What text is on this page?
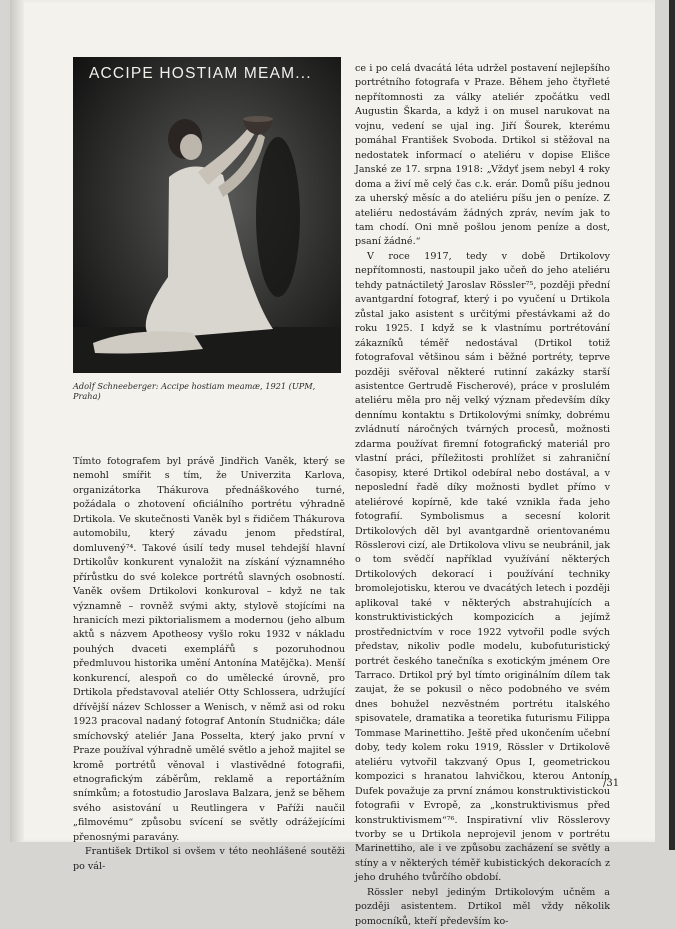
ACCIPE HOSTIAM MEAM...
Adolf Schneeberger: Accipe hostiam meamæ, 1921 (UPM, Praha)

Tímto fotografem byl právě Jindřich Vaněk, který se nemohl smířit s tím, že Univerzita Karlova, organizátorka Thákurova přednáškového turné, požádala o zhotovení oficiálního portrétu výhradně Drtikola. Ve skutečnosti Vaněk byl s řidičem Thákurova automobilu, který závadu jenom předstíral, domluvený⁷⁴. Takové úsilí tedy musel tehdejší hlavní Drtikolův konkurent vynaložit na získání významného přírůstku do své kolekce portrétů slavných osobností. Vaněk ovšem Drtikolovi konkuroval – když ne tak významně – rovněž svými akty, stylově stojícími na hranicích mezi piktorialismem a modernou (jeho album aktů s názvem Apotheosy vyšlo roku 1932 v nákladu pouhých dvaceti exemplářů s pozoruhodnou předmluvou historika umění Antonína Matějčka). Menší konkurencí, alespoň co do umělecké úrovně, pro Drtikola představoval ateliér Otty Schlossera, udržující dřívější název Schlosser a Wenisch, v němž asi od roku 1923 pracoval nadaný fotograf Antonín Studnička; dále smíchovský ateliér Jana Posselta, který jako první v Praze používal výhradně umělé světlo a jehož majitel se kromě portrétů věnoval i vlastivědné fotografii, etnografickým záběrům, reklamě a reportážním snímkům; a fotostudio Jaroslava Balzara, jenž se během svého asistování u Reutlingera v Paříži naučil „filmovému“ způsobu svícení se světly odrážejícími přenosnými paravány.

František Drtikol si ovšem v této neohlášené soutěži po vál-

ce i po celá dvacátá léta udržel postavení nejlepšího portrétního fotografa v Praze. Během jeho čtyřleté nepřítomnosti za války ateliér zpočátku vedl Augustin Škarda, a když i on musel narukovat na vojnu, vedení se ujal ing. Jiří Šourek, kterému pomáhal František Svoboda. Drtikol si stěžoval na nedostatek informací o ateliéru v dopise Elišce Janské ze 17. srpna 1918: „Vždyť jsem nebyl 4 roky doma a živí mě celý čas c.k. erár. Domů píšu jednou za uherský měsíc a do ateliéru píšu jen o peníze. Z ateliéru nedostávám žádných zpráv, nevím jak to tam chodí. Oni mně pošlou jenom peníze a dost, psaní žádné.“

V roce 1917, tedy v době Drtikolovy nepřítomnosti, nastoupil jako učeň do jeho ateliéru tehdy patnáctiletý Jaroslav Rössler⁷⁵, později přední avantgardní fotograf, který i po vyučení u Drtikola zůstal jako asistent s určitými přestávkami až do roku 1925. I když se k vlastnímu portrétování zákazníků téměř nedostával (Drtikol totiž fotografoval většinou sám i běžné portréty, teprve později svěřoval některé rutinní zakázky starší asistentce Gertrudě Fischerové), práce v proslulém ateliéru měla pro něj velký význam především díky dennímu kontaktu s Drtikolovými snímky, dobrému zvládnutí náročných tvárných procesů, možnosti zdarma používat firemní fotografický materiál pro vlastní práci, příležitosti prohlížet si zahraniční časopisy, které Drtikol odebíral nebo dostával, a v neposlední řadě díky možnosti bydlet přímo v ateliérové kopírně, kde také vznikla řada jeho fotografií. Symbolismus a secesní kolorit Drtikolových děl byl avantgardně orientovanému Rösslerovi cizí, ale Drtikolova vlivu se neubránil, jak o tom svědčí například využívání některých Drtikolových dekorací i používání techniky bromolejotisku, kterou ve dvacátých letech i později aplikoval také v některých abstrahujících a konstruktivistických kompozicích a jejímž prostřednictvím v roce 1922 vytvořil podle svých představ, nikoliv podle modelu, kubofuturistický portrét českého tanečníka s exotickým jménem Ore Tarraco. Drtikol prý byl tímto originálním dílem tak zaujat, že se pokusil o něco podobného ve svém dnes bohužel nezvěstném portrétu italského spisovatele, dramatika a teoretika futurismu Filippa Tommase Marinettiho. Ještě před ukončením učební doby, tedy kolem roku 1919, Rössler v Drtikolově ateliéru vytvořil takzvaný Opus I, geometrickou kompozici s hranatou lahvičkou, kterou Antonín Dufek považuje za první známou konstruktivistickou fotografii v Evropě, za „konstruktivismus před konstruktivismem“⁷⁶. Inspirativní vliv Rösslerovy tvorby se u Drtikola neprojevil jenom v portrétu Marinettiho, ale i ve způsobu zacházení se světly a stíny a v některých téměř kubistických dekoracích z jeho druhého tvůrčího období.

Rössler nebyl jediným Drtikolovým učněm a později asistentem. Drtikol měl vždy několik pomocníků, kteří především ko-

/31
